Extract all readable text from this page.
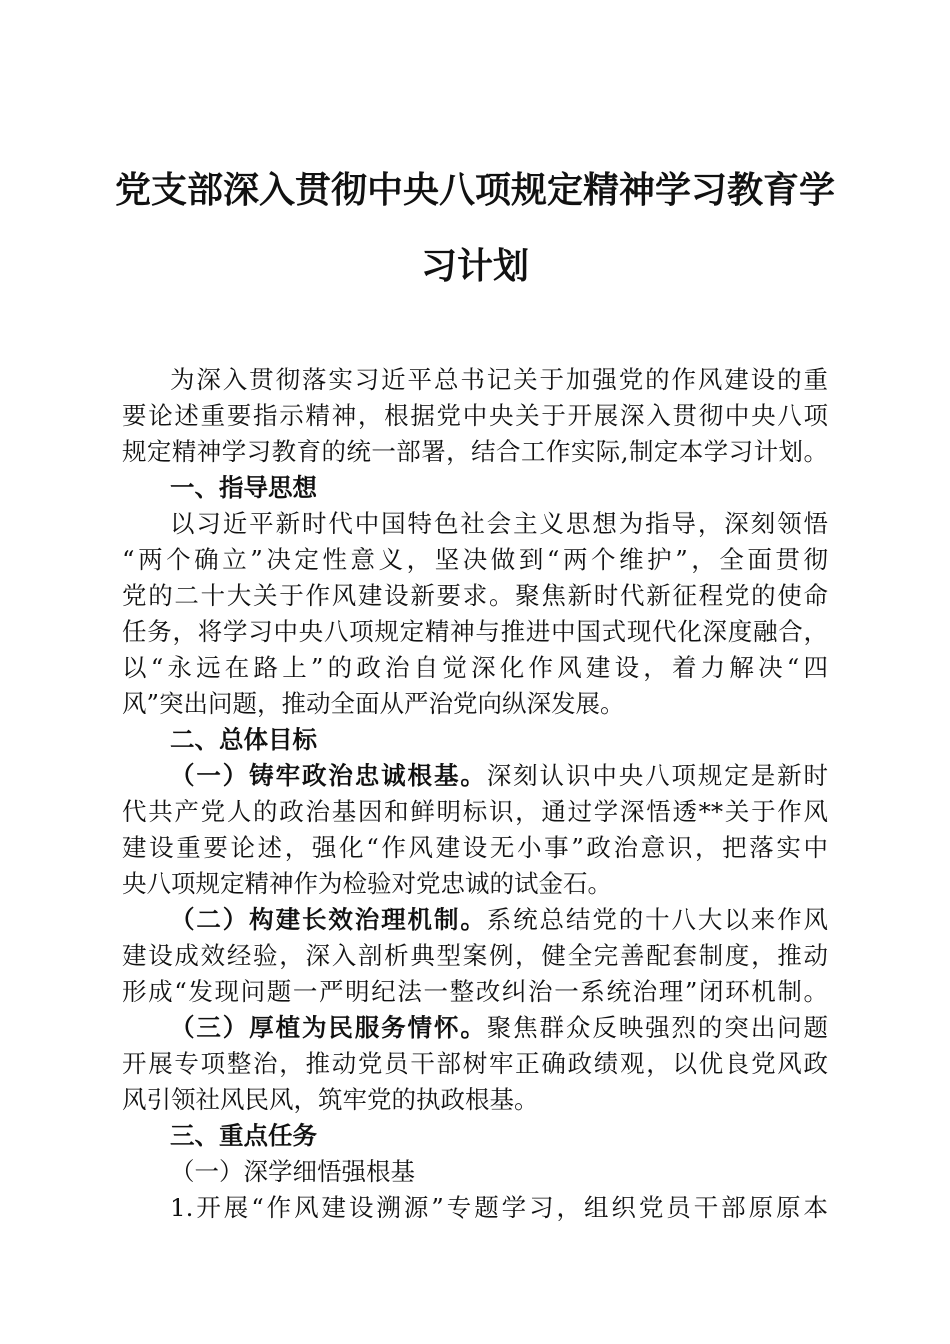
党支部深入贯彻中央八项规定精神学习教育学
习计划
为深入贯彻落实习近平总书记关于加强党的作风建设的重
要论述重要指示精神，根据党中央关于开展深入贯彻中央八项
规定精神学习教育的统一部署，结合工作实际,制定本学习计划。
一、指导思想
以习近平新时代中国特色社会主义思想为指导，深刻领悟
“两个确立”决定性意义，坚决做到“两个维护”，全面贯彻
党的二十大关于作风建设新要求。聚焦新时代新征程党的使命
任务，将学习中央八项规定精神与推进中国式现代化深度融合，
以“永远在路上”的政治自觉深化作风建设，着力解决“四
风”突出问题，推动全面从严治党向纵深发展。
二、总体目标
（一）铸牢政治忠诚根基。深刻认识中央八项规定是新时
代共产党人的政治基因和鲜明标识，通过学深悟透**关于作风
建设重要论述，强化“作风建设无小事”政治意识，把落实中
央八项规定精神作为检验对党忠诚的试金石。
（二）构建长效治理机制。系统总结党的十八大以来作风
建设成效经验，深入剖析典型案例，健全完善配套制度，推动
形成“发现问题一严明纪法一整改纠治一系统治理”闭环机制。
（三）厚植为民服务情怀。聚焦群众反映强烈的突出问题
开展专项整治，推动党员干部树牢正确政绩观，以优良党风政
风引领社风民风，筑牢党的执政根基。
三、重点任务
（一）深学细悟强根基
1.开展“作风建设溯源”专题学习，组织党员干部原原本
